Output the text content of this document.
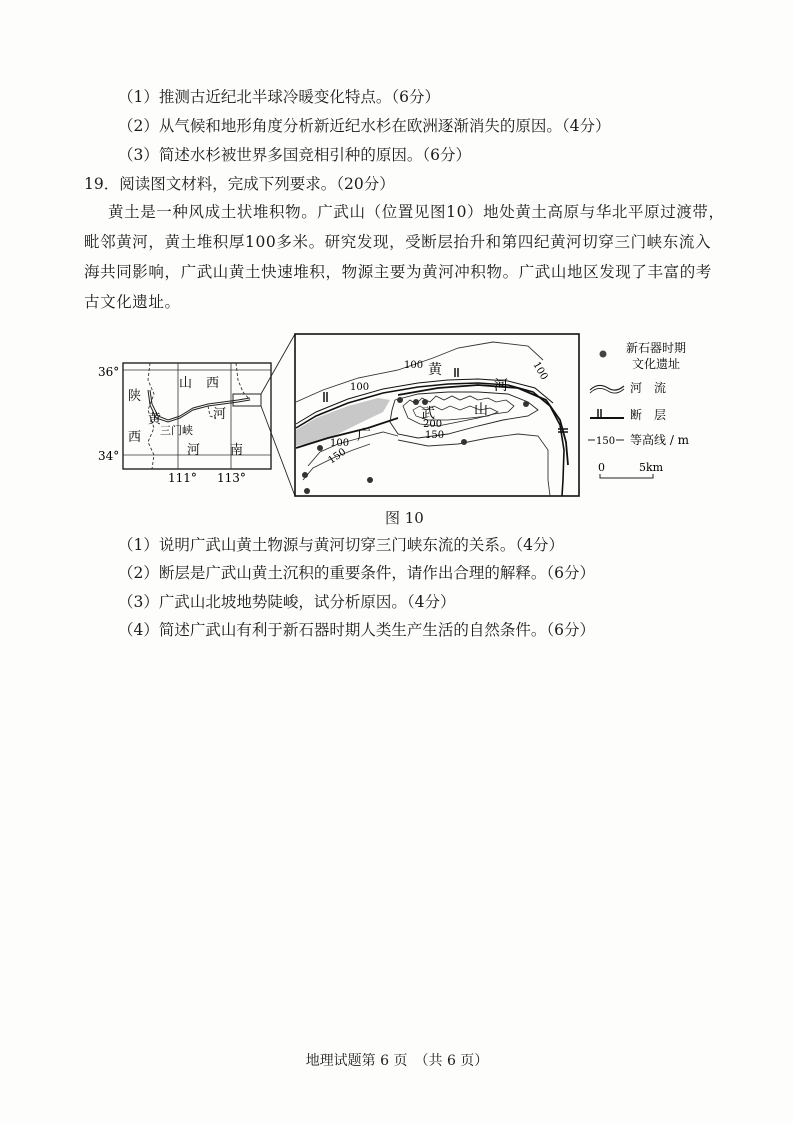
（1）推测古近纪北半球冷暖变化特点。（6分）
（2）从气候和地形角度分析新近纪水杉在欧洲逐渐消失的原因。（4分）
（3）简述水杉被世界多国竞相引种的原因。（6分）
19．阅读图文材料，完成下列要求。（20分）
黄土是一种风成土状堆积物。广武山（位置见图10）地处黄土高原与华北平原过渡带，
毗邻黄河，黄土堆积厚100多米。研究发现，受断层抬升和第四纪黄河切穿三门峡东流入
海共同影响，广武山黄土快速堆积，物源主要为黄河冲积物。广武山地区发现了丰富的考
古文化遗址。
36°
34°
111° 113°
山 西
陕
西
黄	河
三门峡
河 南
黄
河
武	山
广
100
100	100
100
150
150
200
新石器时期
文化遗址
河　流
断　层
150 等高线 / m
0	5km
图 10
（1）说明广武山黄土物源与黄河切穿三门峡东流的关系。（4分）
（2）断层是广武山黄土沉积的重要条件，请作出合理的解释。（6分）
（3）广武山北坡地势陡峻，试分析原因。（4分）
（4）简述广武山有利于新石器时期人类生产生活的自然条件。（6分）
地理试题第 6 页　（共 6 页）
